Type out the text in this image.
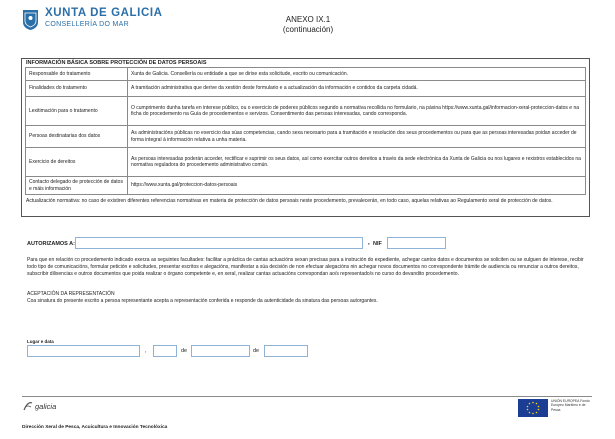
XUNTA DE GALICIA
CONSELLERÍA DO MAR
ANEXO IX.1
(continuación)
INFORMACIÓN BÁSICA SOBRE PROTECCIÓN DE DATOS PERSOAIS
Responsable do tratamento	Xunta de Galicia. Consellería ou entidade a que se dirixe esta solicitude, escrito ou comunicación.
Finalidades do tratamento	A tramitación administrativa que derive da xestión deste formulario e a actualización da información e contidos da carpeta cidadá.
Lexitimación para o tratamento	O cumprimento dunha tarefa en interese público, ou o exercicio de poderes públicos segundo a normativa recollida no formulario, na páxina https://www.xunta.gal/informacion-xeral-proteccion-datos e na ficha do procedemento na Guía de procedementos e servizos. Consentimento das persoas interesadas, cando corresponda.
Persoas destinatarias dos datos	As administracións públicas no exercicio das súas competencias, cando sexa necesario para a tramitación e resolución dos seus procedementos ou para que as persoas interesadas poidan acceder de forma integral á información relativa a unha materia.
Exercicio de dereitos	As persoas interesadas poderán acceder, rectificar e suprimir os seus datos, así como exercitar outros dereitos a través da sede electrónica da Xunta de Galicia ou nos lugares e rexistros establecidos na normativa reguladora do procedemento administrativo común.
Contacto delegado de protección de datos e máis información	https://www.xunta.gal/proteccion-datos-persoais
Actualización normativa: no caso de existiren diferentes referencias normativas en materia de protección de datos persoais neste procedemento, prevalecerán, en todo caso, aquelas relativas ao Regulamento xeral de protección de datos.
AUTORIZAMOS A:	, NIF
Para que en relación co procedemento indicado exerza as seguintes facultades: facilitar a práctica de cantas actuacións sexan precisas para a instrución do expediente, achegar cantos datos e documentos se soliciten ou se xulguen de interese, recibir todo tipo de comunicacións, formular petición e solicitudes, presentar escritos e alegacións, manifestar a súa decisión de non efectuar alegacións nin achegar novos documentos no correspondente trámite de audiencia ou renunciar a outros dereitos, subscribir dilixencias e outros documentos que poida realizar o órgano competente e, en xeral, realizar cantas actuacións correspondan ao/s representado/s no curso do devandito procedemento.
ACEPTACIÓN DA REPRESENTACIÓN
Coa sinatura do presente escrito a persoa representante acepta a representación conferida e responde da autenticidade da sinatura das persoas autorgantes.
Lugar e data
,	de	de
galicia
UNIÓN EUROPEA Fondo Europeo Marítimo e de Pesca
Dirección Xeral de Pesca, Acuicultura e Innovación Tecnolóxica
